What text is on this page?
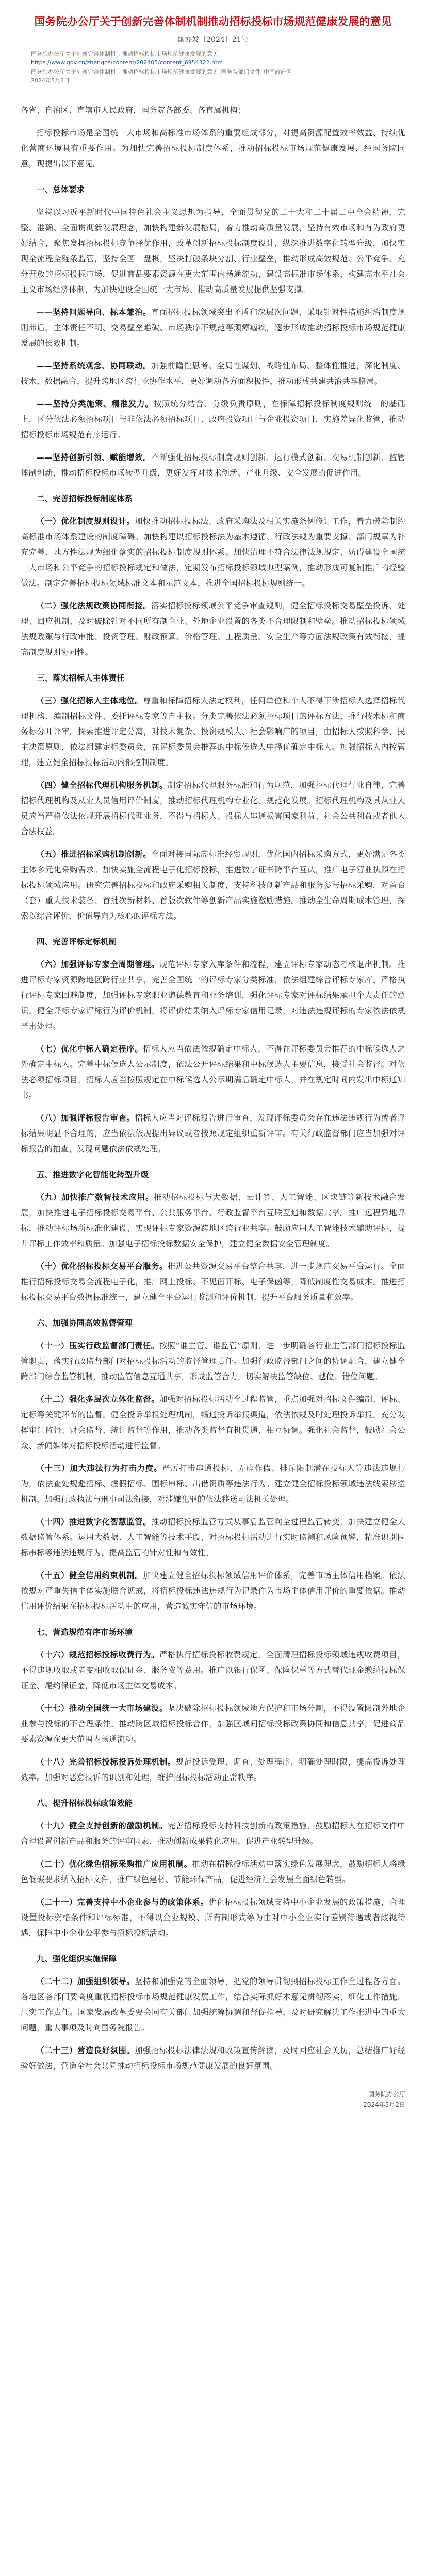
国务院办公厅关于创新完善体制机制推动招标投标市场规范健康发展的意见
国办发〔2024〕21号
国务院办公厅关于创新完善体制机制推动招标投标市场规范健康发展的意见
https://www.gov.cn/zhengce/content/202405/content_6954322.htm
国务院办公厅关于创新完善体制机制推动招标投标市场规范健康发展的意见_国务院部门文件_中国政府网
2024年5月2日

各省、自治区、直辖市人民政府，国务院各部委、各直属机构：

招标投标市场是全国统一大市场和高标准市场体系的重要组成部分，对提高资源配置效率效益、持续优化营商环境具有重要作用。为加快完善招标投标制度体系，推动招标投标市场规范健康发展，经国务院同意，现提出以下意见。

一、总体要求

坚持以习近平新时代中国特色社会主义思想为指导，全面贯彻党的二十大和二十届二中全会精神，完整、准确、全面贯彻新发展理念，加快构建新发展格局，着力推动高质量发展，坚持有效市场和有为政府更好结合，聚焦发挥招标投标竞争择优作用，改革创新招标投标制度设计，纵深推进数字化转型升级，加快实现全流程全链条监管，坚持全国一盘棋，坚决打破条块分割、行业壁垒，推动形成高效规范、公平竞争、充分开放的招标投标市场，促进商品要素资源在更大范围内畅通流动，建设高标准市场体系，构建高水平社会主义市场经济体制，为加快建设全国统一大市场、推动高质量发展提供坚强支撑。

——坚持问题导向、标本兼治。直面招标投标领域突出矛盾和深层次问题，采取针对性措施纠治制度规则滞后、主体责任不明、交易壁垒难破、市场秩序不规范等顽瘴痼疾，逐步形成推动招标投标市场规范健康发展的长效机制。

——坚持系统观念、协同联动。加强前瞻性思考、全局性谋划、战略性布局、整体性推进，深化制度、技术、数据融合，提升跨地区跨行业协作水平，更好调动各方面积极性，推动形成共建共治共享格局。

——坚持分类施策、精准发力。按照统分结合、分级负责原则，在保障招标投标制度规则统一的基础上，区分依法必须招标项目与非依法必须招标项目、政府投资项目与企业投资项目，实施差异化监管，推动招标投标市场规范有序运行。

——坚持创新引领、赋能增效。不断强化招标投标制度规则创新、运行模式创新、交易机制创新、监管体制创新，推动招标投标市场转型升级，更好发挥对技术创新、产业升级、安全发展的促进作用。

二、完善招标投标制度体系

（一）优化制度规则设计。加快推动招标投标法、政府采购法及相关实施条例修订工作，着力破除制约高标准市场体系建设的制度障碍。加快构建以招标投标法为基本遵循、行政法规为重要支撑、部门规章为补充完善、地方性法规为细化落实的招标投标制度规则体系。加快清理不符合法律法规规定、妨碍建设全国统一大市场和公平竞争的招标投标规定和做法，定期发布招标投标领域典型案例，推动形成可复制推广的经验做法。制定完善招标投标领域标准文本和示范文本，推进全国招标投标规则统一。

（二）强化法规政策协同衔接。落实招标投标领域公平竞争审查规则，健全招标投标交易壁垒投诉、处理、回应机制，及时破除针对不同所有制企业、外地企业设置的各类不合理限制和壁垒。推动招标投标领域法规政策与行政审批、投资管理、财政预算、价格管理、工程质量、安全生产等方面法规政策有效衔接，提高制度规则协同性。

三、落实招标人主体责任

（三）强化招标人主体地位。尊重和保障招标人法定权利，任何单位和个人不得干涉招标人选择招标代理机构、编制招标文件、委托评标专家等自主权。分类完善依法必须招标项目的评标方法，推行技术标和商务标分开评审。探索推进评定分离，对技术复杂、投资规模大、社会影响广的项目，由招标人按照科学、民主决策原则，依法组建定标委员会，在评标委员会推荐的中标候选人中择优确定中标人。加强招标人内控管理，建立健全招标投标活动内部控制制度。

（四）健全招标代理机构服务机制。制定招标代理服务标准和行为规范，加强招标代理行业自律，完善招标代理机构及从业人员信用评价制度，推动招标代理机构专业化、规范化发展。招标代理机构及其从业人员应当严格依法依规开展招标代理业务，不得与招标人、投标人串通损害国家利益、社会公共利益或者他人合法权益。

（五）推进招标采购机制创新。全面对接国际高标准经贸规则，优化国内招标采购方式，更好满足各类主体多元化采购需求。加快实施全流程电子化招标投标，推进数字证书跨平台互认，推广电子营业执照在招标投标领域应用。研究完善招标投标和政府采购相关制度，支持科技创新产品和服务参与招标采购，对首台（套）重大技术装备、首批次新材料、首版次软件等创新产品实施激励措施。推动全生命周期成本管理，探索以综合评价、价值导向为核心的评标方法。

四、完善评标定标机制

（六）加强评标专家全周期管理。规范评标专家入库条件和流程，建立评标专家动态考核退出机制。推进评标专家资源跨地区跨行业共享，完善全国统一的评标专家分类标准，依法组建综合评标专家库。严格执行评标专家回避制度，加强评标专家职业道德教育和业务培训，强化评标专家对评标结果承担个人责任的意识。健全评标专家评标行为评价机制，将评价结果纳入评标专家信用记录，对违法违规评标的专家依法依规严肃处理。

（七）优化中标人确定程序。招标人应当依法依规确定中标人，不得在评标委员会推荐的中标候选人之外确定中标人。完善中标候选人公示制度，依法公开评标结果和中标候选人主要信息，接受社会监督。对依法必须招标项目，招标人应当按照规定在中标候选人公示期满后确定中标人，并在规定时间内发出中标通知书。

（八）加强评标报告审查。招标人应当对评标报告进行审查，发现评标委员会存在违法违规行为或者评标结果明显不合理的，应当依法依规提出异议或者按照规定组织重新评审。有关行政监督部门应当加强对评标报告的抽查，发现问题依法依规处理。

五、推进数字化智能化转型升级

（九）加快推广数智技术应用。推动招标投标与大数据、云计算、人工智能、区块链等新技术融合发展，加快推进电子招标投标交易平台、公共服务平台、行政监督平台互联互通和数据共享。推广远程异地评标，推动评标场所标准化建设，实现评标专家资源跨地区跨行业共享。鼓励应用人工智能技术辅助评标，提升评标工作效率和质量。加强电子招标投标数据安全保护，建立健全数据安全管理制度。

（十）优化招标投标交易平台服务。推进公共资源交易平台整合共享，进一步规范交易平台运行。全面推行招标投标交易全流程电子化，推广网上投标、不见面开标、电子保函等，降低制度性交易成本。推进招标投标交易平台数据标准统一，建立健全平台运行监测和评价机制，提升平台服务质量和效率。

六、加强协同高效监督管理

（十一）压实行政监督部门责任。按照“谁主管、谁监管”原则，进一步明确各行业主管部门招标投标监管职责，落实行政监督部门对招标投标活动的监督管理责任。加强行政监督部门之间的协调配合，建立健全跨部门综合监管机制，推动监管信息互通共享，形成监管合力，切实解决监管缺位、越位、错位问题。

（十二）强化多层次立体化监督。加强对招标投标活动全过程监管，重点加强对招标文件编制、评标、定标等关键环节的监督。健全投诉举报处理机制，畅通投诉举报渠道，依法依规及时处理投诉举报。充分发挥审计监督、财会监督、统计监督等作用，推动各类监督有机贯通、相互协调。强化社会监督，鼓励社会公众、新闻媒体对招标投标活动进行监督。

（十三）加大违法行为打击力度。严厉打击串通投标、弄虚作假、排斥限制潜在投标人等违法违规行为，依法查处规避招标、虚假招标、围标串标、出借资质等违法行为。建立健全招标投标领域违法线索移送机制，加强行政执法与刑事司法衔接，对涉嫌犯罪的依法移送司法机关处理。

（十四）推进数字化智慧监管。推动招标投标监管方式从事后监管向全过程监管转变，加快建立健全大数据监管体系。运用大数据、人工智能等技术手段，对招标投标活动进行实时监测和风险预警，精准识别围标串标等违法违规行为，提高监管的针对性和有效性。

（十五）健全信用约束机制。加快建立健全招标投标领域信用评价体系，完善市场主体信用档案。依法依规对严重失信主体实施联合惩戒，将招标投标违法违规行为记录作为市场主体信用评价的重要依据。推动信用评价结果在招标投标活动中的应用，营造诚实守信的市场环境。

七、营造规范有序市场环境

（十六）规范招标投标收费行为。严格执行招标投标收费规定，全面清理招标投标领域违规收费项目，不得违规收取或者变相收取保证金、服务费等费用。推广以银行保函、保险保单等方式替代现金缴纳投标保证金、履约保证金，降低市场主体交易成本。

（十七）推动全国统一大市场建设。坚决破除招标投标领域地方保护和市场分割，不得设置限制外地企业参与投标的不合理条件。推动跨区域招标投标合作，加强区域间招标投标政策协同和信息共享，促进商品要素资源在更大范围内畅通流动。

（十八）完善招标投标投诉处理机制。规范投诉受理、调查、处理程序，明确处理时限，提高投诉处理效率。加强对恶意投诉的识别和处理，维护招标投标活动正常秩序。

八、提升招标投标政策效能

（十九）健全支持创新的激励机制。完善招标投标支持科技创新的政策措施，鼓励招标人在招标文件中合理设置创新产品和服务的评审因素，推动创新成果转化应用，促进产业转型升级。

（二十）优化绿色招标采购推广应用机制。推动在招标投标活动中落实绿色发展理念，鼓励招标人将绿色低碳要求纳入招标文件，推广绿色建材、节能环保产品，促进经济社会发展全面绿色转型。

（二十一）完善支持中小企业参与的政策体系。优化招标投标领域支持中小企业发展的政策措施，合理设置投标资格条件和评标标准，不得以企业规模、所有制形式等为由对中小企业实行差别待遇或者歧视待遇，保障中小企业公平参与招标投标活动。

九、强化组织实施保障

（二十二）加强组织领导。坚持和加强党的全面领导，把党的领导贯彻到招标投标工作全过程各方面。各地区各部门要高度重视招标投标市场规范健康发展工作，结合实际抓好本意见贯彻落实，细化工作措施，压实工作责任。国家发展改革委要会同有关部门加强统筹协调和督促指导，及时研究解决工作推进中的重大问题，重大事项及时向国务院报告。

（二十三）营造良好氛围。加强招标投标法律法规和政策宣传解读，及时回应社会关切，总结推广好经验好做法，营造全社会共同推动招标投标市场规范健康发展的良好氛围。

国务院办公厅
2024年5月2日
